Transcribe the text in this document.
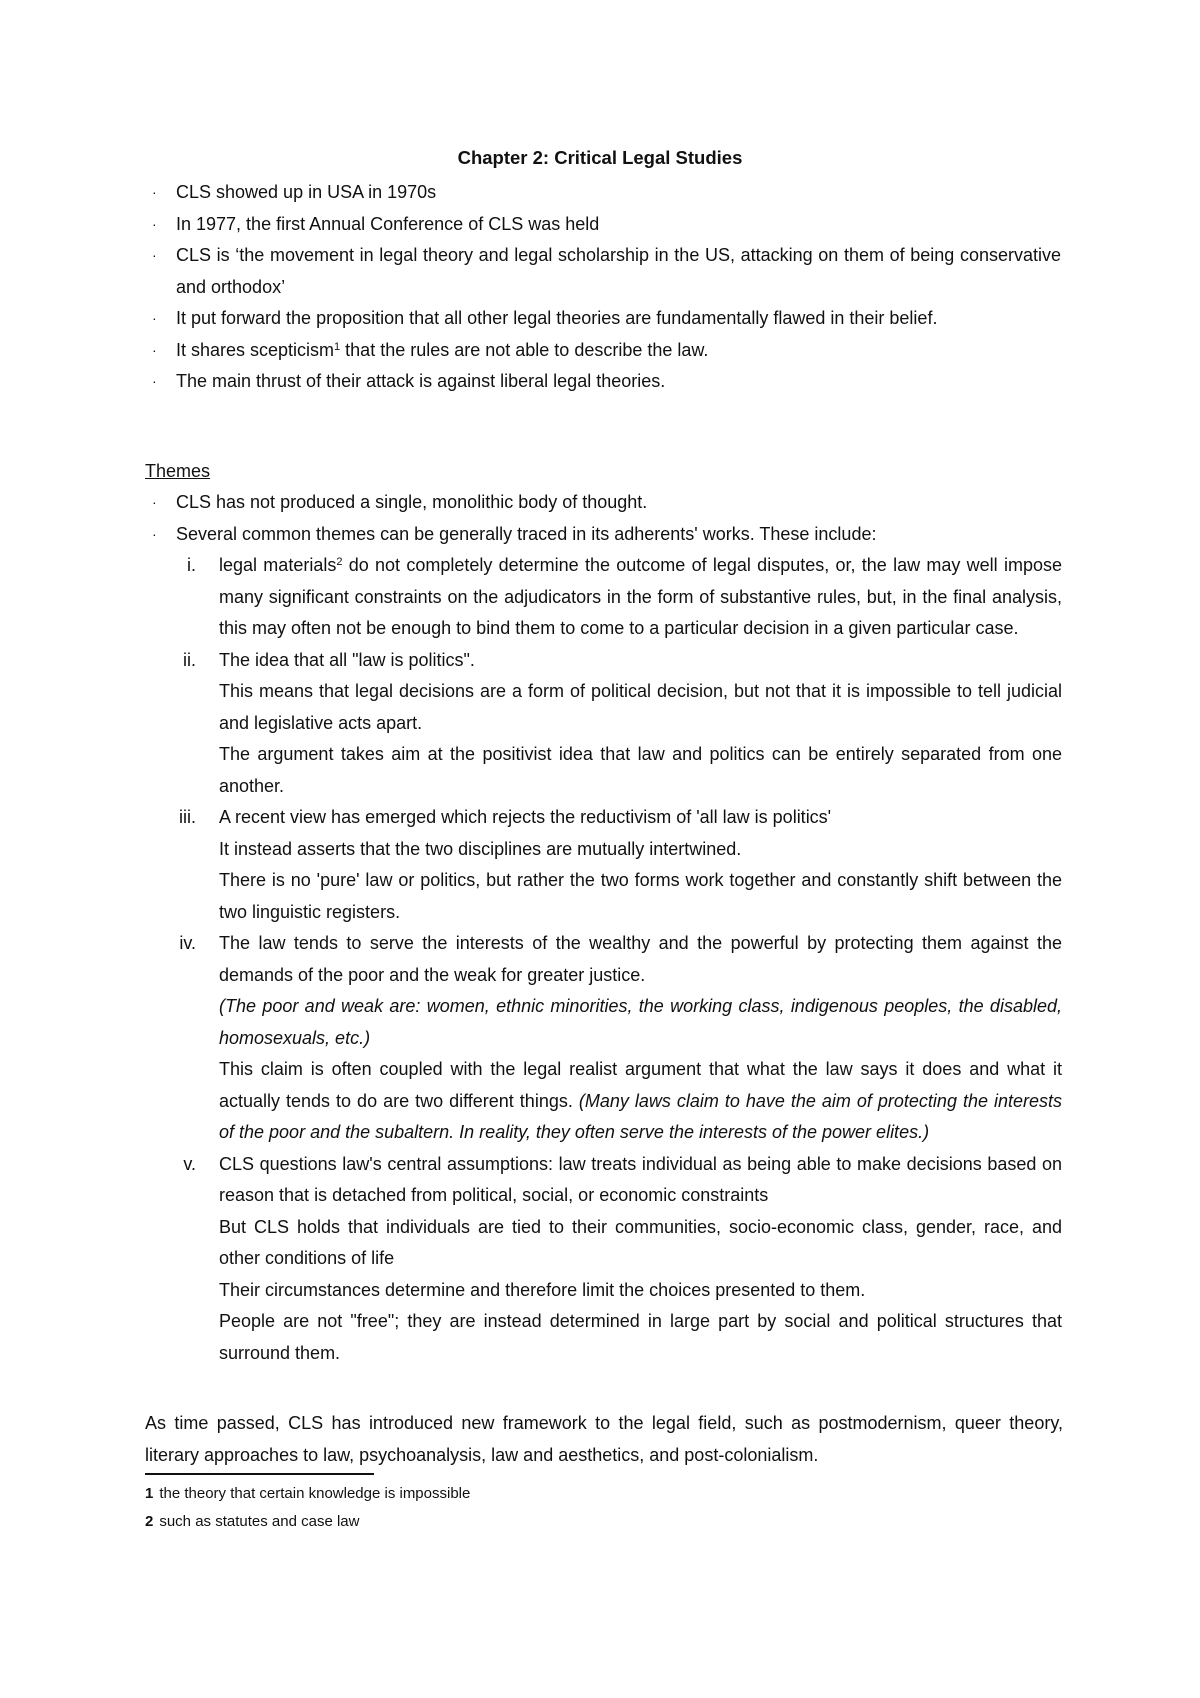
Chapter 2: Critical Legal Studies
· CLS showed up in USA in 1970s
· In 1977, the first Annual Conference of CLS was held
· CLS is ‘the movement in legal theory and legal scholarship in the US, attacking on them of being conservative and orthodox’
· It put forward the proposition that all other legal theories are fundamentally flawed in their belief.
· It shares scepticism$^1$ that the rules are not able to describe the law.
· The main thrust of their attack is against liberal legal theories.
Themes
· CLS has not produced a single, monolithic body of thought.
· Several common themes can be generally traced in its adherents' works. These include:
i. legal materials$^2$ do not completely determine the outcome of legal disputes, or, the law may well impose many significant constraints on the adjudicators in the form of substantive rules, but, in the final analysis, this may often not be enough to bind them to come to a particular decision in a given particular case.

ii. The idea that all "law is politics".

This means that legal decisions are a form of political decision, but not that it is impossible to tell judicial and legislative acts apart.

The argument takes aim at the positivist idea that law and politics can be entirely separated from one another.

iii. A recent view has emerged which rejects the reductivism of 'all law is politics'

It instead asserts that the two disciplines are mutually intertwined.

There is no 'pure' law or politics, but rather the two forms work together and constantly shift between the two linguistic registers.

iv. The law tends to serve the interests of the wealthy and the powerful by protecting them against the demands of the poor and the weak for greater justice.

(The poor and weak are: women, ethnic minorities, the working class, indigenous peoples, the disabled, homosexuals, etc.)

This claim is often coupled with the legal realist argument that what the law says it does and what it actually tends to do are two different things. (Many laws claim to have the aim of protecting the interests of the poor and the subaltern. In reality, they often serve the interests of the power elites.)

v. CLS questions law's central assumptions: law treats individual as being able to make decisions based on reason that is detached from political, social, or economic constraints

But CLS holds that individuals are tied to their communities, socio-economic class, gender, race, and other conditions of life

Their circumstances determine and therefore limit the choices presented to them.

People are not "free"; they are instead determined in large part by social and political structures that surround them.

As time passed, CLS has introduced new framework to the legal field, such as postmodernism, queer theory, literary approaches to law, psychoanalysis, law and aesthetics, and post-colonialism.
1 the theory that certain knowledge is impossible
2 such as statutes and case law
